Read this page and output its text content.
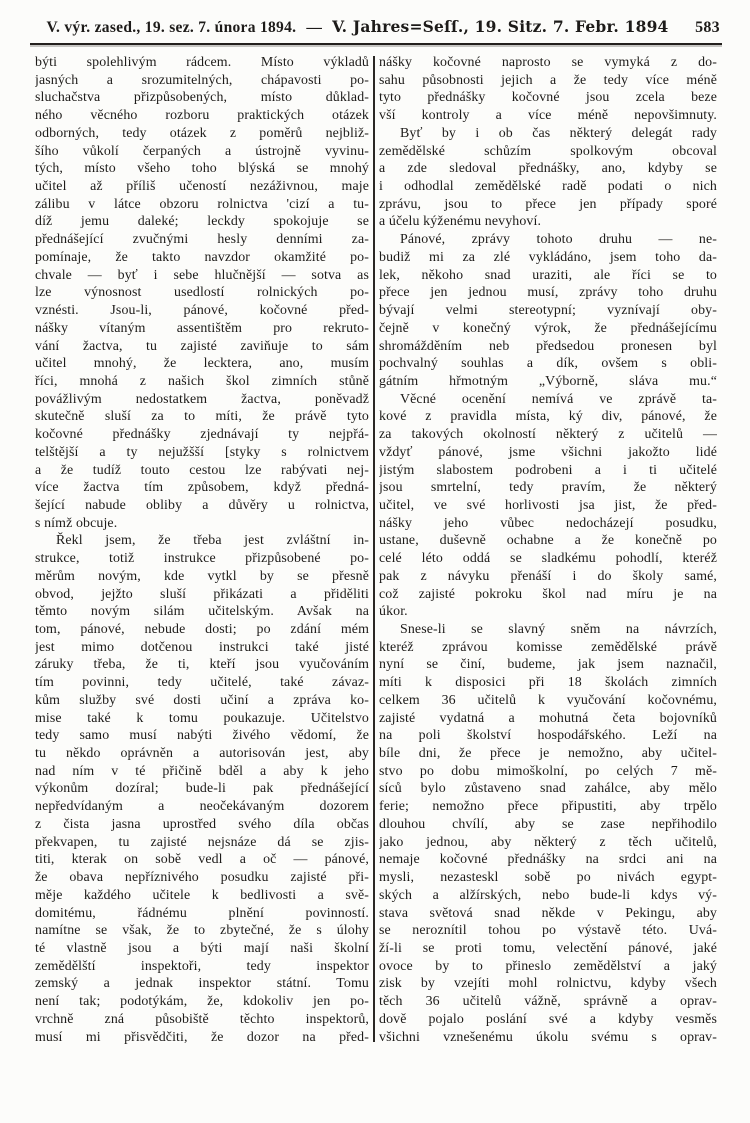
V. výr. zased., 19. sez. 7. února 1894. — V. Jahres=Seſſ., 19. Sitz. 7. Febr. 1894 583
býti spolehlivým rádcem. Místo výkladů
jasných a srozumitelných, chápavosti po-
sluchačstva přizpůsobených, místo důklad-
ného věcného rozboru praktických otázek
odborných, tedy otázek z poměrů nejbliž-
šího vůkolí čerpaných a ústrojně vyvinu-
tých, místo všeho toho blýská se mnohý
učitel až příliš učeností nezáživnou, maje
zálibu v látce obzoru rolnictva 'cizí a tu-
díž jemu daleké; leckdy spokojuje se
přednášející zvučnými hesly denními za-
pomínaje, že takto navzdor okamžité po-
chvale — byť i sebe hlučnější — sotva as
lze výnosnost usedlostí rolnických po-
vznésti. Jsou-li, pánové, kočovné před-
nášky vítaným assentištěm pro rekruto-
vání žactva, tu zajisté zaviňuje to sám
učitel mnohý, že lecktera, ano, musím
říci, mnohá z našich škol zimních stůně
povážlivým nedostatkem žactva, poněvadž
skutečně sluší za to míti, že právě tyto
kočovné přednášky zjednávají ty nejpřá-
telštější a ty nejužšší [styky s rolnictvem
a že tudíž touto cestou lze rabývati nej-
více žactva tím způsobem, když předná-
šející nabude obliby a důvěry u rolnictva,
s nímž obcuje.
Řekl jsem, že třeba jest zvláštní in-
strukce, totiž instrukce přizpůsobené po-
měrům novým, kde vytkl by se přesně
obvod, jejžto sluší přikázati a přiděliti
těmto novým silám učitelským. Avšak na
tom, pánové, nebude dosti; po zdání mém
jest mimo dotčenou instrukci také jisté
záruky třeba, že ti, kteří jsou vyučováním
tím povinni, tedy učitelé, také závaz-
kům služby své dosti učiní a zpráva ko-
mise také k tomu poukazuje. Učitelstvo
tedy samo musí nabýti živého vědomí, že
tu někdo oprávněn a autorisován jest, aby
nad ním v té přičině bděl a aby k jeho
výkonům dozíral; bude-li pak přednášející
nepředvídaným a neočekávaným dozorem
z čista jasna uprostřed svého díla občas
překvapen, tu zajisté nejsnáze dá se zjis-
titi, kterak on sobě vedl a oč — pánové,
že obava nepříznivého posudku zajisté při-
měje každého učitele k bedlivosti a svě-
domitému, řádnému plnění povinností.
namítne se však, že to zbytečné, že s úlohy
té vlastně jsou a býti mají naši školní
zemědělští inspektoři, tedy inspektor
zemský a jednak inspektor státní. Tomu
není tak; podotýkám, že, kdokoliv jen po-
vrchně zná působiště těchto inspektorů,
musí mi přisvědčiti, že dozor na před-
nášky kočovné naprosto se vymyká z do-
sahu působnosti jejich a že tedy více méně
tyto přednášky kočovné jsou zcela beze
vší kontroly a více méně nepovšimnuty.
Byť by i ob čas některý delegát rady
zemědělské schůzím spolkovým obcoval
a zde sledoval přednášky, ano, kdyby se
i odhodlal zemědělské radě podati o nich
zprávu, jsou to přece jen případy sporé
a účelu kýženému nevyhoví.
Pánové, zprávy tohoto druhu — ne-
budiž mi za zlé vykládáno, jsem toho da-
lek, někoho snad uraziti, ale říci se to
přece jen jednou musí, zprávy toho druhu
bývají velmi stereotypní; vyznívají oby-
čejně v konečný výrok, že přednášejícímu
shromážděním neb předsedou pronesen byl
pochvalný souhlas a dík, ovšem s obli-
gátním hřmotným „Výborně, sláva mu.“
Věcné ocenění nemívá ve zprávě ta-
kové z pravidla místa, ký div, pánové, že
za takových okolností některý z učitelů —
vždyť pánové, jsme všichni jakožto lidé
jistým slabostem podrobeni a i ti učitelé
jsou smrtelní, tedy pravím, že některý
učitel, ve své horlivosti jsa jist, že před-
nášky jeho vůbec nedocházejí posudku,
ustane, duševně ochabne a že konečně po
celé léto oddá se sladkému pohodlí, kteréž
pak z návyku přenáší i do školy samé,
což zajisté pokroku škol nad míru je na
úkor.
Snese-li se slavný sněm na návrzích,
kteréž zprávou komisse zemědělské právě
nyní se činí, budeme, jak jsem naznačil,
míti k disposici při 18 školách zimních
celkem 36 učitelů k vyučování kočovnému,
zajisté vydatná a mohutná četa bojovníků
na poli školství hospodářského. Leží na
bíle dni, že přece je nemožno, aby učitel-
stvo po dobu mimoškolní, po celých 7 mě-
síců bylo zůstaveno snad zahálce, aby mělo
ferie; nemožno přece připustiti, aby trpělo
dlouhou chvílí, aby se zase nepřihodilo
jako jednou, aby některý z těch učitelů,
nemaje kočovné přednášky na srdci ani na
mysli, nezasteskl sobě po nivách egypt-
ských a alžírských, nebo bude-li kdys vý-
stava světová snad někde v Pekingu, aby
se neroznítil tohou po výstavě této. Uvá-
ží-li se proti tomu, velectění pánové, jaké
ovoce by to přineslo zemědělství a jaký
zisk by vzejíti mohl rolnictvu, kdyby všech
těch 36 učitelů vážně, správně a oprav-
dově pojalo poslání své a kdyby vesměs
všichni vznešenému úkolu svému s oprav-
